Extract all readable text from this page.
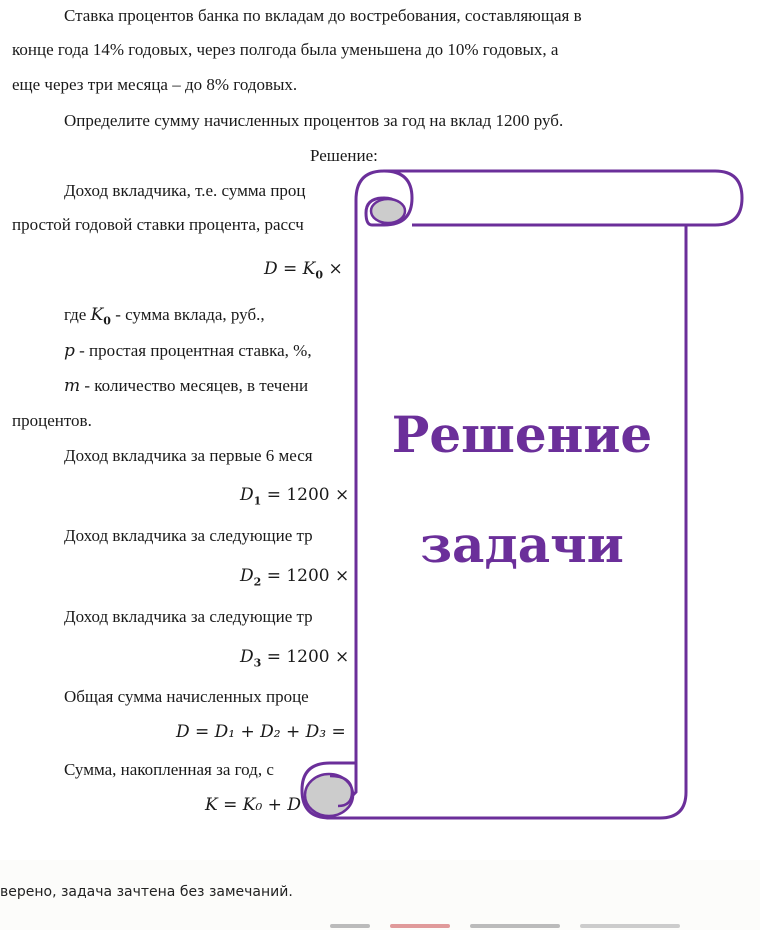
Ставка процентов банка по вкладам до востребования, составляющая в
конце года 14% годовых, через полгода была уменьшена до 10% годовых, а
еще через три месяца – до 8% годовых.
Определите сумму начисленных процентов за год на вклад 1200 руб.
Решение:
Доход вкладчика, т.е. сумма проц
простой годовой ставки процента, рассч
$D = K_0$ ×
где $K_0$ - сумма вклада, руб.,
p - простая процентная ставка, %,
m - количество месяцев, в течени
процентов.
Доход вкладчика за первые 6 меся
$D_1 = 1200$ ×
Доход вкладчика за следующие тр
$D_2 = 1200$ ×
Доход вкладчика за следующие тр
$D_3 = 1200$ ×
Общая сумма начисленных проце
D = D₁ + D₂ + D₃ =
Сумма, накопленная за год, с
K = K₀ + D
Решение
задачи
верено, задача зачтена без замечаний.
